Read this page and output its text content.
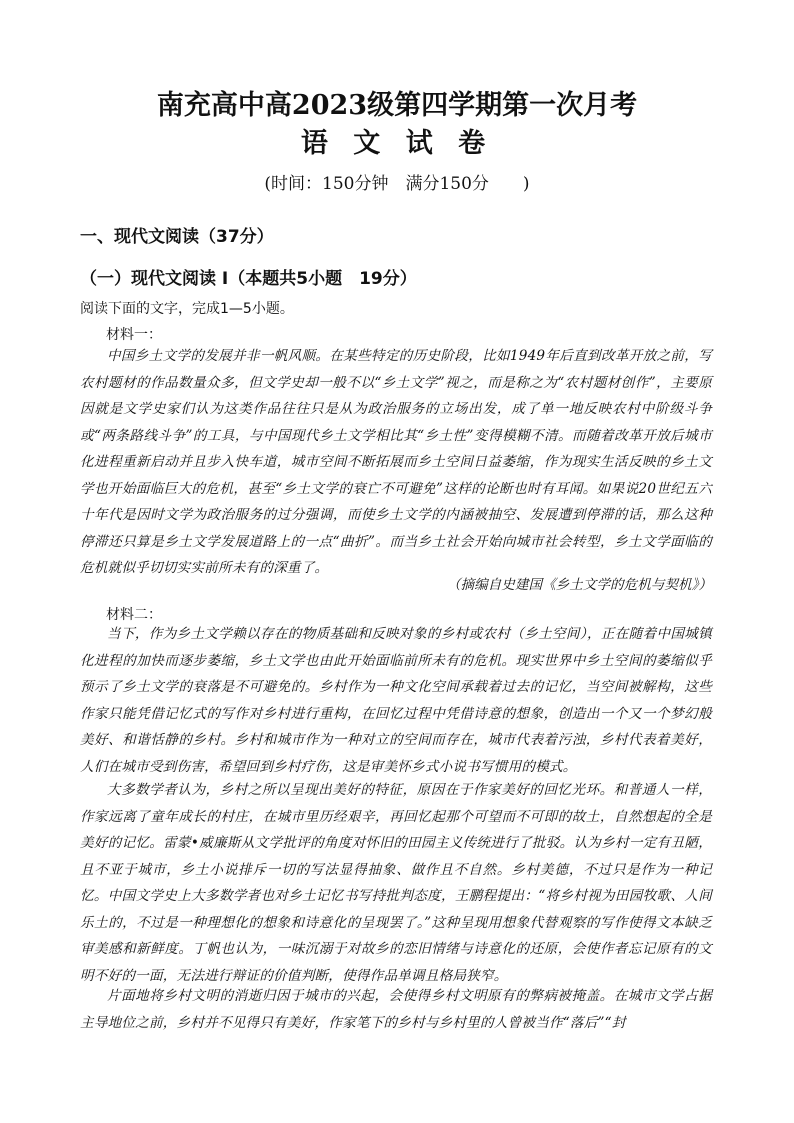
南充高中高2023级第四学期第一次月考
语 文 试 卷
(时间：150分钟　满分150分　　)
一、现代文阅读（37分）
（一）现代文阅读 I（本题共5小题　19分）
阅读下面的文字，完成1—5小题。
材料一：
中国乡土文学的发展并非一帆风顺。在某些特定的历史阶段，比如1949年后直到改革开放之前，写农村题材的作品数量众多，但文学史却一般不以“乡土文学”视之，而是称之为“农村题材创作”，主要原因就是文学史家们认为这类作品往往只是从为政治服务的立场出发，成了单一地反映农村中阶级斗争或“两条路线斗争”的工具，与中国现代乡土文学相比其“乡土性”变得模糊不清。而随着改革开放后城市化进程重新启动并且步入快车道，城市空间不断拓展而乡土空间日益萎缩，作为现实生活反映的乡土文学也开始面临巨大的危机，甚至“乡土文学的衰亡不可避免”这样的论断也时有耳闻。如果说20世纪五六十年代是因时文学为政治服务的过分强调，而使乡土文学的内涵被抽空、发展遭到停滞的话，那么这种停滞还只算是乡土文学发展道路上的一点“曲折”。而当乡土社会开始向城市社会转型，乡土文学面临的危机就似乎切切实实前所未有的深重了。
（摘编自史建国《乡土文学的危机与契机》）
材料二：
当下，作为乡土文学赖以存在的物质基础和反映对象的乡村或农村（乡土空间），正在随着中国城镇化进程的加快而逐步萎缩，乡土文学也由此开始面临前所未有的危机。现实世界中乡土空间的萎缩似乎预示了乡土文学的衰落是不可避免的。乡村作为一种文化空间承载着过去的记忆，当空间被解构，这些作家只能凭借记忆式的写作对乡村进行重构，在回忆过程中凭借诗意的想象，创造出一个又一个梦幻般美好、和谐恬静的乡村。乡村和城市作为一种对立的空间而存在，城市代表着污浊，乡村代表着美好，人们在城市受到伤害，希望回到乡村疗伤，这是审美怀乡式小说书写惯用的模式。
大多数学者认为，乡村之所以呈现出美好的特征，原因在于作家美好的回忆光环。和普通人一样，作家远离了童年成长的村庄，在城市里历经艰辛，再回忆起那个可望而不可即的故土，自然想起的全是美好的记忆。雷蒙•威廉斯从文学批评的角度对怀旧的田园主义传统进行了批驳。认为乡村一定有丑陋，且不亚于城市，乡土小说排斥一切的写法显得抽象、做作且不自然。乡村美德，不过只是作为一种记忆。中国文学史上大多数学者也对乡土记忆书写持批判态度，王鹏程提出：“将乡村视为田园牧歌、人间乐土的，不过是一种理想化的想象和诗意化的呈现罢了。”这种呈现用想象代替观察的写作使得文本缺乏审美感和新鲜度。丁帆也认为，一味沉溺于对故乡的恋旧情绪与诗意化的还原，会使作者忘记原有的文明不好的一面，无法进行辩证的价值判断，使得作品单调且格局狭窄。
片面地将乡村文明的消逝归因于城市的兴起，会使得乡村文明原有的弊病被掩盖。在城市文学占据主导地位之前，乡村并不见得只有美好，作家笔下的乡村与乡村里的人曾被当作“落后”“封
